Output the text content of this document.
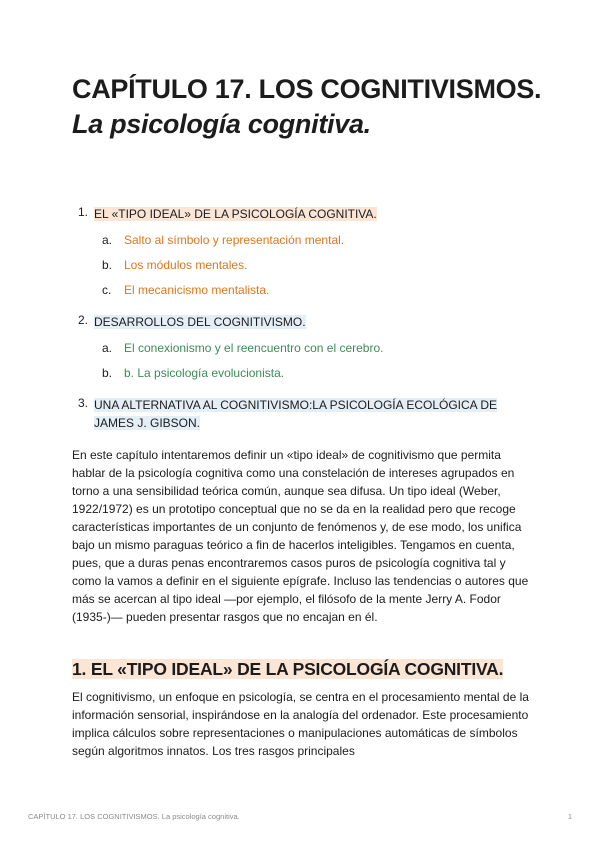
CAPÍTULO 17. LOS COGNITIVISMOS. La psicología cognitiva.
1. EL «TIPO IDEAL» DE LA PSICOLOGÍA COGNITIVA.
a. Salto al símbolo y representación mental.
b. Los módulos mentales.
c. El mecanicismo mentalista.
2. DESARROLLOS DEL COGNITIVISMO.
a. El conexionismo y el reencuentro con el cerebro.
b. b. La psicología evolucionista.
3. UNA ALTERNATIVA AL COGNITIVISMO:LA PSICOLOGÍA ECOLÓGICA DE JAMES J. GIBSON.

En este capítulo intentaremos definir un «tipo ideal» de cognitivismo que permita hablar de la psicología cognitiva como una constelación de intereses agrupados en torno a una sensibilidad teórica común, aunque sea difusa. Un tipo ideal (Weber, 1922/1972) es un prototipo conceptual que no se da en la realidad pero que recoge características importantes de un conjunto de fenómenos y, de ese modo, los unifica bajo un mismo paraguas teórico a fin de hacerlos inteligibles. Tengamos en cuenta, pues, que a duras penas encontraremos casos puros de psicología cognitiva tal y como la vamos a definir en el siguiente epígrafe. Incluso las tendencias o autores que más se acercan al tipo ideal —por ejemplo, el filósofo de la mente Jerry A. Fodor (1935-)— pueden presentar rasgos que no encajan en él.

1. EL «TIPO IDEAL» DE LA PSICOLOGÍA COGNITIVA.

El cognitivismo, un enfoque en psicología, se centra en el procesamiento mental de la información sensorial, inspirándose en la analogía del ordenador. Este procesamiento implica cálculos sobre representaciones o manipulaciones automáticas de símbolos según algoritmos innatos. Los tres rasgos principales

CAPÍTULO 17. LOS COGNITIVISMOS. La psicología cognitiva.	1
